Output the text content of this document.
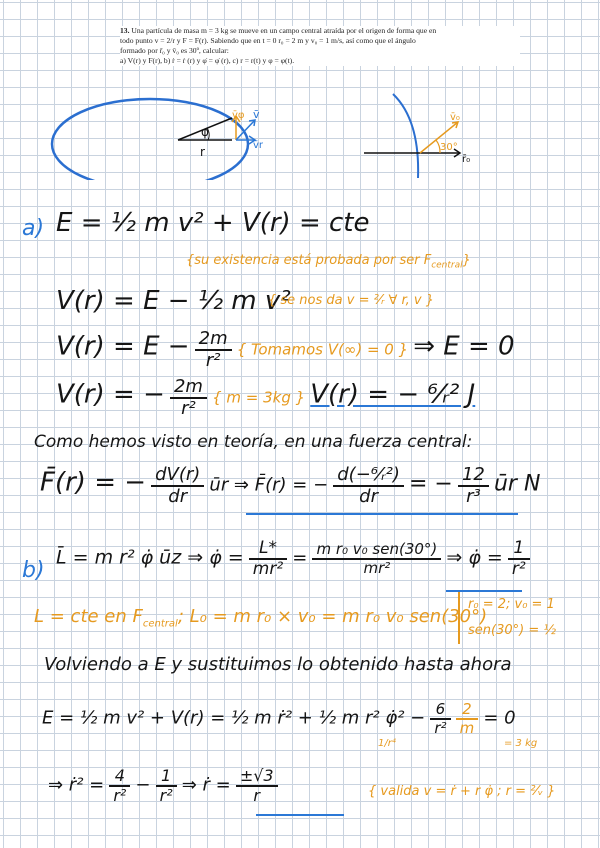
13. Una partícula de masa m = 3 kg se mueve en un campo central atraída por el origen de forma que en
todo punto v = 2/r y F = F(r). Sabiendo que en t = 0 r₀ = 2 m y v₀ = 1 m/s, así como que el ángulo
formado por r̄₀ y v̄₀ es 30º, calcular:
a) V(r) y F(r), b) ṙ = ṙ (r) y φ̇ = φ̇ (r), c) r = r(t) y φ = φ(t).
φ
r
v̄φ v̄
v̄r
v̄₀
30°
r̄₀
a) E = ½ m v² + V(r) = cte
{su existencia está probada por ser $F_{central}$}
V(r) = E − ½ m v²
{ se nos da v = ²⁄ᵣ ∀ r, v }
$V(r) = E - \frac{2m}{\text{r²}}$ { Tomamos V(∞) = 0 } ⇒ E = 0
V(r) = − $\frac{2m}{\text{r²}}$ { m = 3kg } V(r) = − ⁶⁄ᵣ² J
Como hemos visto en teoría, en una fuerza central:
F̄(r) = − $\frac{dV(r)}{dr}$ ūr ⇒ F̄(r) = − $\frac{\text{d(−⁶⁄ᵣ²)}}{dr}$ = − $\frac{12}{\text{r³}}$ ūr N
b)
L̄ = m r² φ̇ ūz ⇒ φ̇ = $\frac{L*}{\text{mr²}} = \frac{\text{m r₀ v₀ sen(30°)}}{\text{mr²}}$ ⇒ φ̇ = $\frac{1}{\text{r²}}$
L = cte en $F_{central}$; L₀ = m r₀ × v₀ = m r₀ v₀ sen(30°)
r₀ = 2; v₀ = 1
sen(30°) = ½
Volviendo a E y sustituimos lo obtenido hasta ahora
E = ½ m v² + V(r) = ½ m ṙ² + ½ m r² φ̇² − $\frac{6}{\text{r²}}$
$\frac{2}{m} = 0$
1/r⁴	= 3 kg
⇒ ṙ² = $\frac{4}{\text{r²}} - \frac{1}{\text{r²}}$ ⇒ ṙ = $\frac{\pm√3}{r}$	{ valida v = ṙ + r φ̇ ; r = ²⁄ᵥ }
